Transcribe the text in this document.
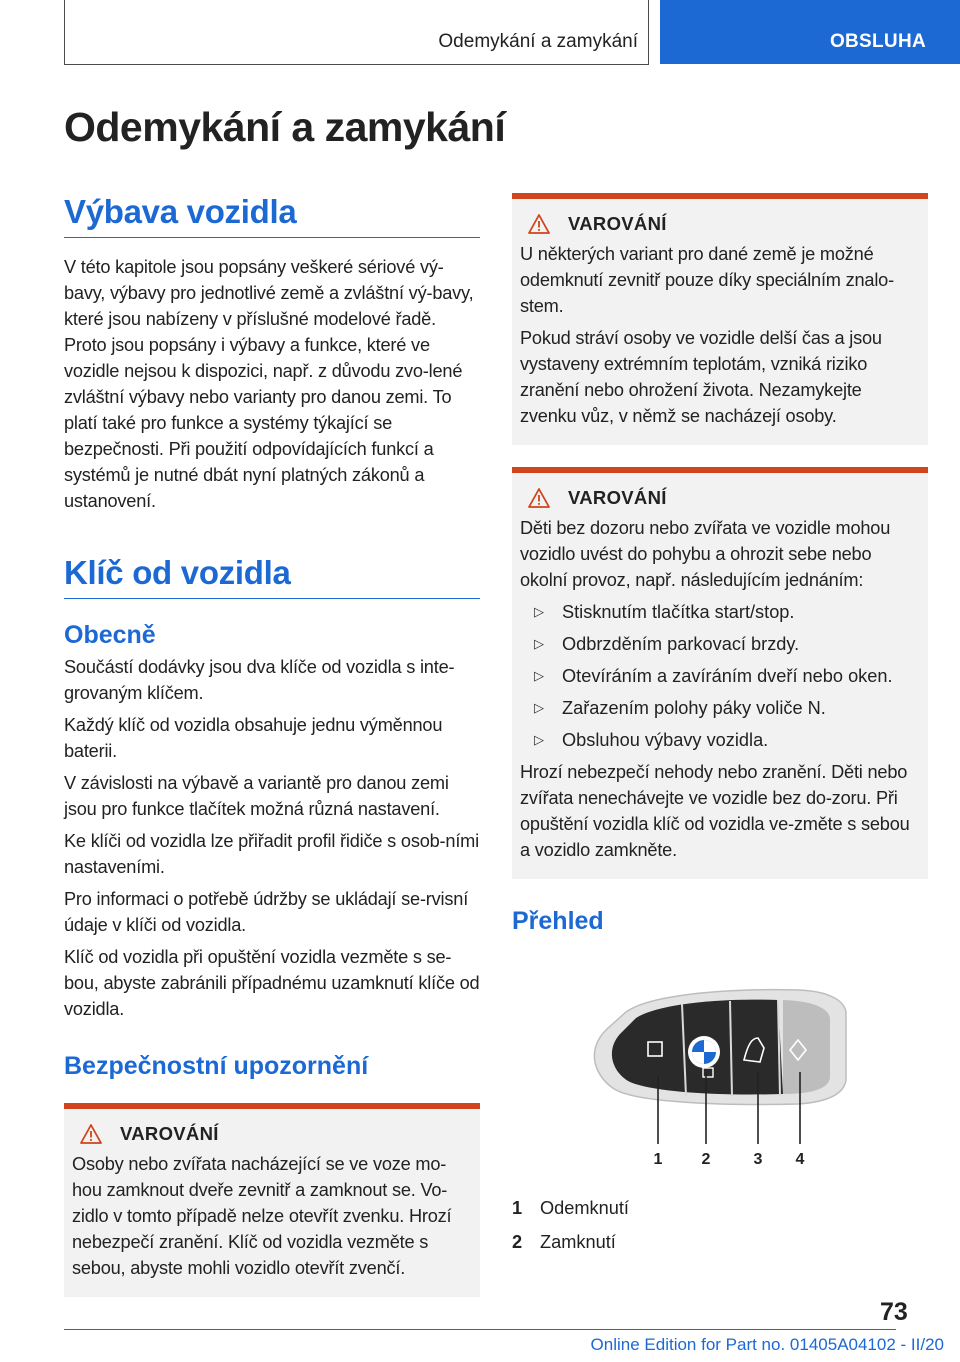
Odemykání a zamykání	OBSLUHA
Odemykání a zamykání
Výbava vozidla

V této kapitole jsou popsány veškeré sériové vý-bavy, výbavy pro jednotlivé země a zvláštní vý-bavy, které jsou nabízeny v příslušné modelové řadě. Proto jsou popsány i výbavy a funkce, které ve vozidle nejsou k dispozici, např. z důvodu zvo-lené zvláštní výbavy nebo varianty pro danou zemi. To platí také pro funkce a systémy týkající se bezpečnosti. Při použití odpovídajících funkcí a systémů je nutné dbát nyní platných zákonů a ustanovení.

Klíč od vozidla
Obecně

Součástí dodávky jsou dva klíče od vozidla s inte-grovaným klíčem.

Každý klíč od vozidla obsahuje jednu výměnnou baterii.

V závislosti na výbavě a variantě pro danou zemi jsou pro funkce tlačítek možná různá nastavení.

Ke klíči od vozidla lze přiřadit profil řidiče s osob-ními nastaveními.

Pro informaci o potřebě údržby se ukládají se-rvisní údaje v klíči od vozidla.

Klíč od vozidla při opuštění vozidla vezměte s se-bou, abyste zabránili případnému uzamknutí klíče od vozidla.

Bezpečnostní upozornění
VAROVÁNÍ

Osoby nebo zvířata nacházející se ve voze mo-hou zamknout dveře zevnitř a zamknout se. Vo-zidlo v tomto případě nelze otevřít zvenku. Hrozí nebezpečí zranění. Klíč od vozidla vezměte s sebou, abyste mohli vozidlo otevřít zvenčí.

VAROVÁNÍ

U některých variant pro dané země je možné odemknutí zevnitř pouze díky speciálním znalo-stem.

Pokud stráví osoby ve vozidle delší čas a jsou vystaveny extrémním teplotám, vzniká riziko zranění nebo ohrožení života. Nezamykejte zvenku vůz, v němž se nacházejí osoby.

VAROVÁNÍ

Děti bez dozoru nebo zvířata ve vozidle mohou vozidlo uvést do pohybu a ohrozit sebe nebo okolní provoz, např. následujícím jednáním:

▷ Stisknutím tlačítka start/stop.
▷ Odbrzděním parkovací brzdy.
▷ Otevíráním a zavíráním dveří nebo oken.
▷ Zařazením polohy páky voliče N.
▷ Obsluhou výbavy vozidla.

Hrozí nebezpečí nehody nebo zranění. Děti nebo zvířata nenechávejte ve vozidle bez do-zoru. Při opuštění vozidla klíč od vozidla ve-změte s sebou a vozidlo zamkněte.

Přehled
1 2	3 4
1 Odemknutí
2 Zamknutí
73
Online Edition for Part no. 01405A04102 - II/20
